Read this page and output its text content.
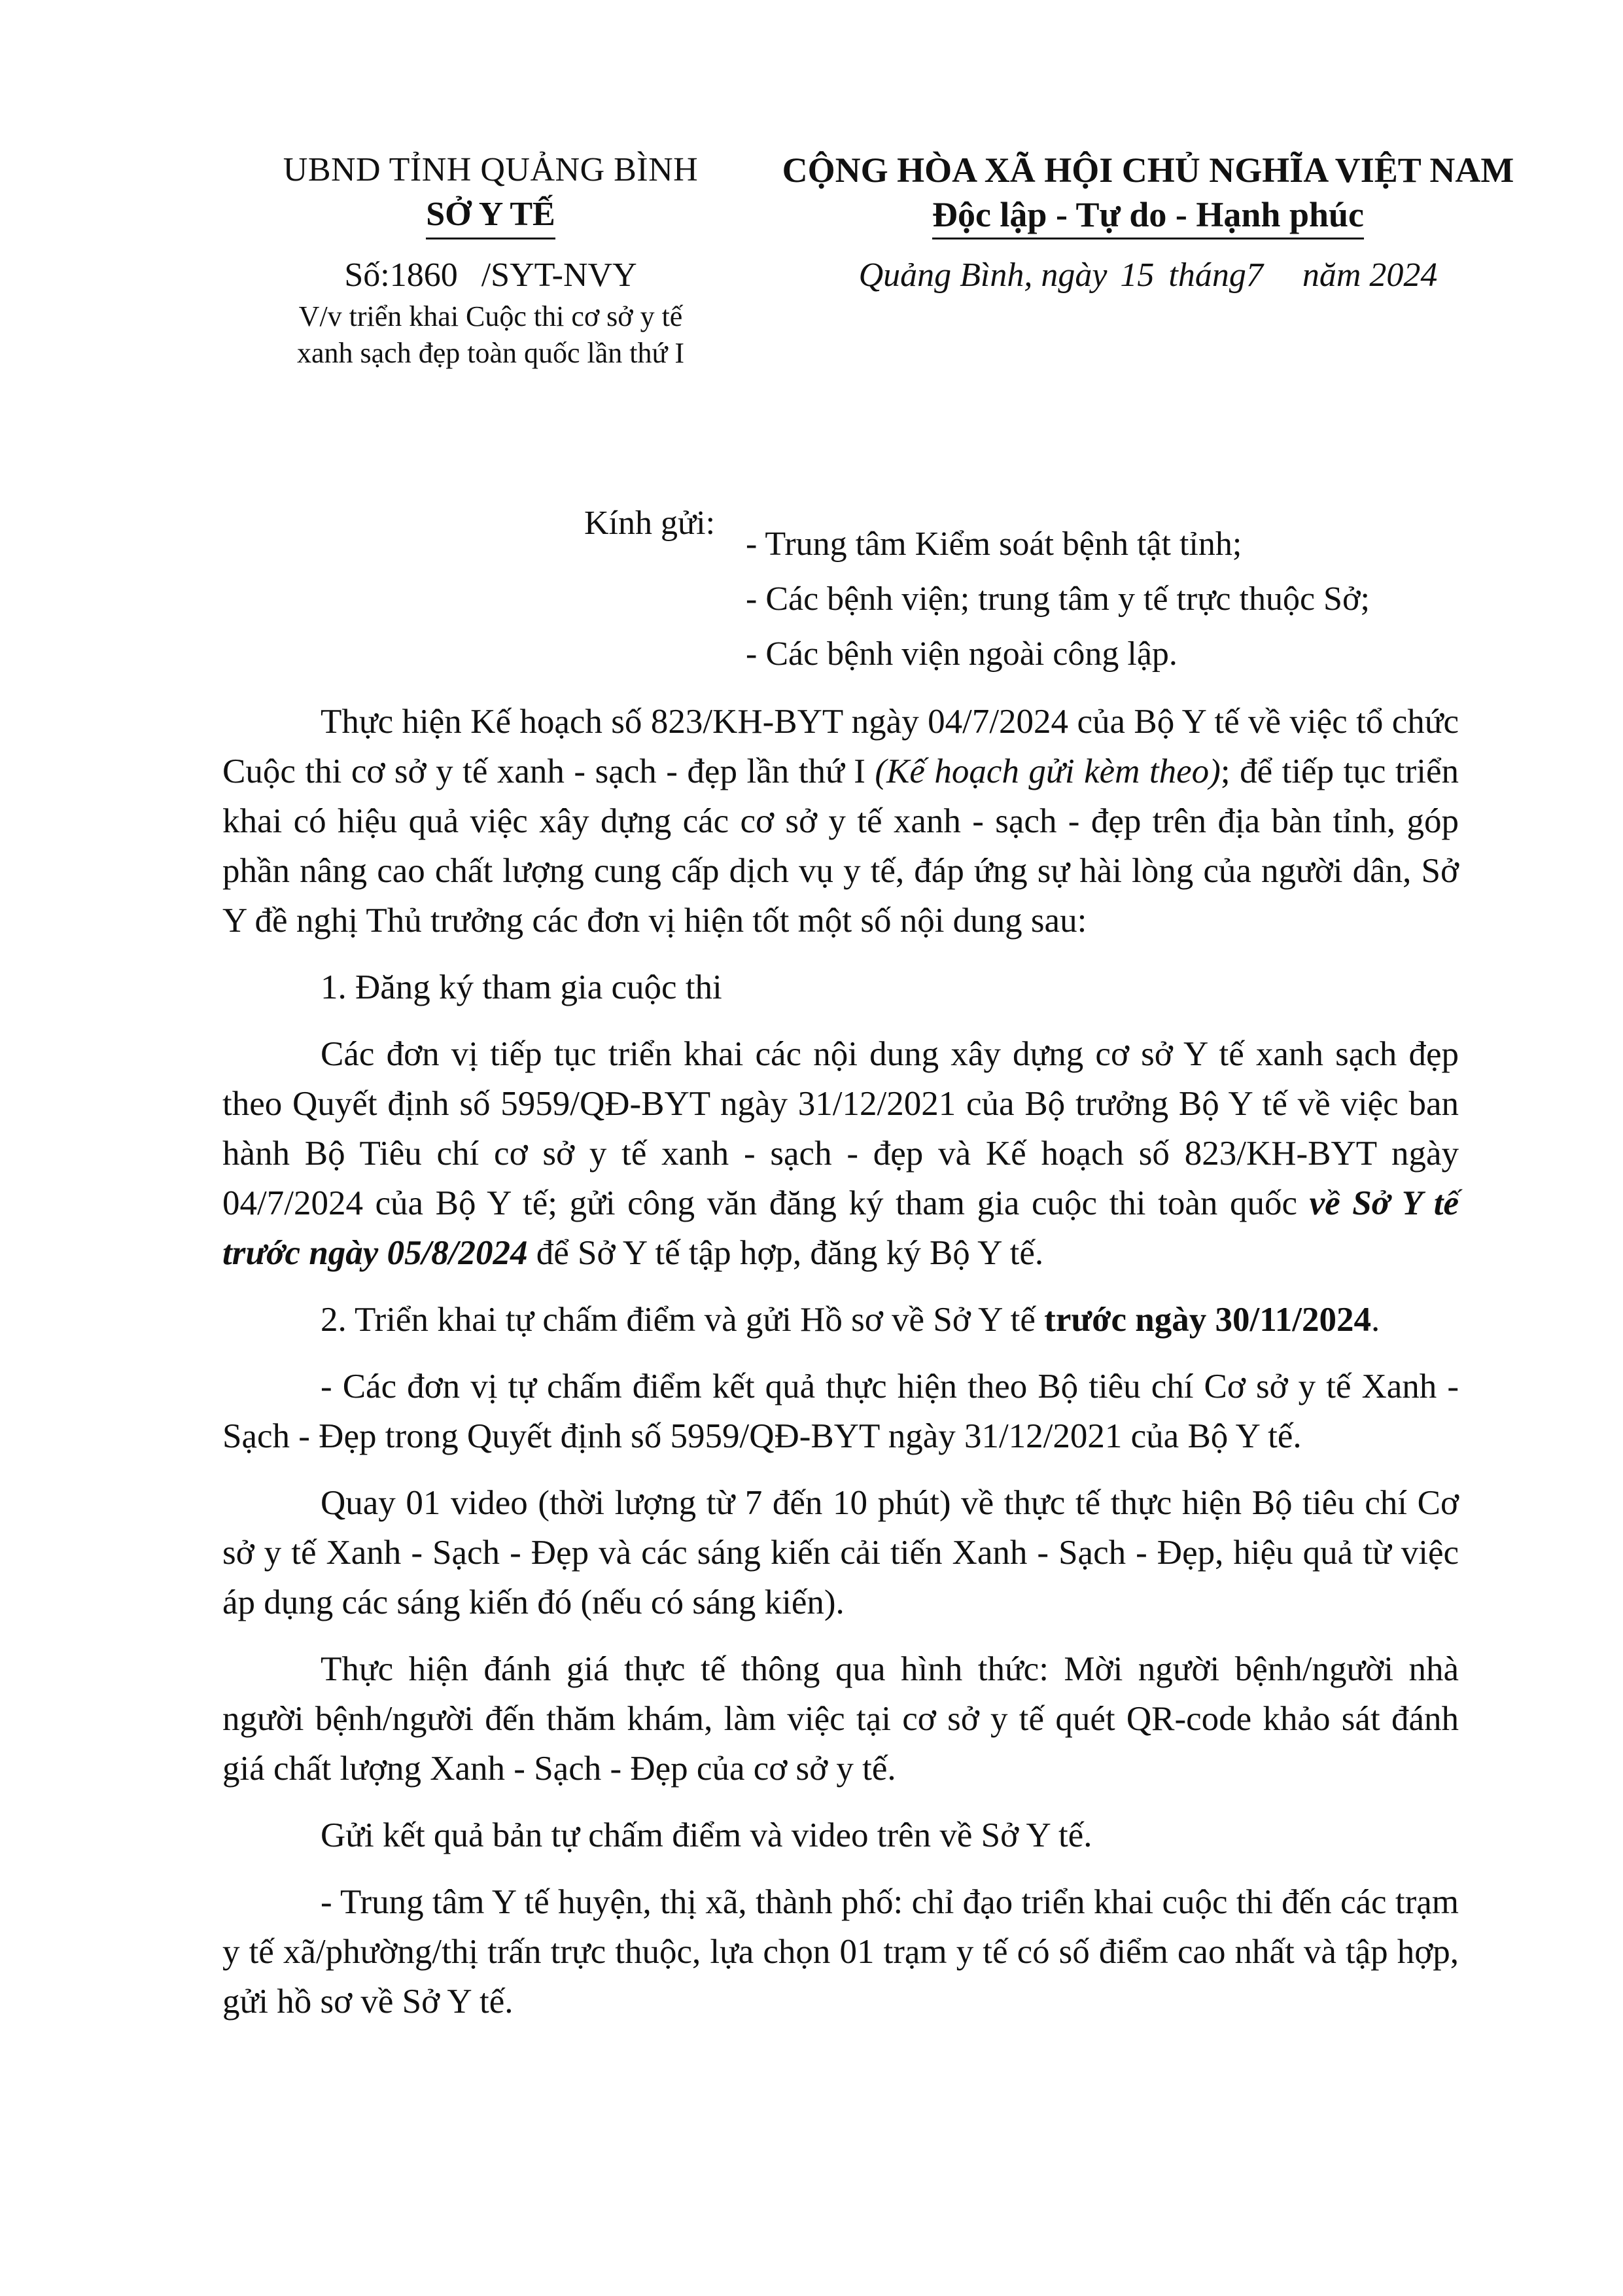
UBND TỈNH QUẢNG BÌNH
SỞ Y TẾ
Số:1860 /SYT-NVY
V/v triển khai Cuộc thi cơ sở y tế
xanh sạch đẹp toàn quốc lần thứ I
CỘNG HÒA XÃ HỘI CHỦ NGHĨA VIỆT NAM
Độc lập - Tự do - Hạnh phúc
Quảng Bình, ngày 15 tháng7 năm 2024
Kính gửi:
- Trung tâm Kiểm soát bệnh tật tỉnh;
- Các bệnh viện; trung tâm y tế trực thuộc Sở;
- Các bệnh viện ngoài công lập.

Thực hiện Kế hoạch số 823/KH-BYT ngày 04/7/2024 của Bộ Y tế về việc tổ chức Cuộc thi cơ sở y tế xanh - sạch - đẹp lần thứ I (Kế hoạch gửi kèm theo); để tiếp tục triển khai có hiệu quả việc xây dựng các cơ sở y tế xanh - sạch - đẹp trên địa bàn tỉnh, góp phần nâng cao chất lượng cung cấp dịch vụ y tế, đáp ứng sự hài lòng của người dân, Sở Y đề nghị Thủ trưởng các đơn vị hiện tốt một số nội dung sau:

1. Đăng ký tham gia cuộc thi

Các đơn vị tiếp tục triển khai các nội dung xây dựng cơ sở Y tế xanh sạch đẹp theo Quyết định số 5959/QĐ-BYT ngày 31/12/2021 của Bộ trưởng Bộ Y tế về việc ban hành Bộ Tiêu chí cơ sở y tế xanh - sạch - đẹp và Kế hoạch số 823/KH-BYT ngày 04/7/2024 của Bộ Y tế; gửi công văn đăng ký tham gia cuộc thi toàn quốc về Sở Y tế trước ngày 05/8/2024 để Sở Y tế tập hợp, đăng ký Bộ Y tế.

2. Triển khai tự chấm điểm và gửi Hồ sơ về Sở Y tế trước ngày 30/11/2024.

- Các đơn vị tự chấm điểm kết quả thực hiện theo Bộ tiêu chí Cơ sở y tế Xanh - Sạch - Đẹp trong Quyết định số 5959/QĐ-BYT ngày 31/12/2021 của Bộ Y tế.

Quay 01 video (thời lượng từ 7 đến 10 phút) về thực tế thực hiện Bộ tiêu chí Cơ sở y tế Xanh - Sạch - Đẹp và các sáng kiến cải tiến Xanh - Sạch - Đẹp, hiệu quả từ việc áp dụng các sáng kiến đó (nếu có sáng kiến).

Thực hiện đánh giá thực tế thông qua hình thức: Mời người bệnh/người nhà người bệnh/người đến thăm khám, làm việc tại cơ sở y tế quét QR-code khảo sát đánh giá chất lượng Xanh - Sạch - Đẹp của cơ sở y tế.

Gửi kết quả bản tự chấm điểm và video trên về Sở Y tế.

- Trung tâm Y tế huyện, thị xã, thành phố: chỉ đạo triển khai cuộc thi đến các trạm y tế xã/phường/thị trấn trực thuộc, lựa chọn 01 trạm y tế có số điểm cao nhất và tập hợp, gửi hồ sơ về Sở Y tế.
